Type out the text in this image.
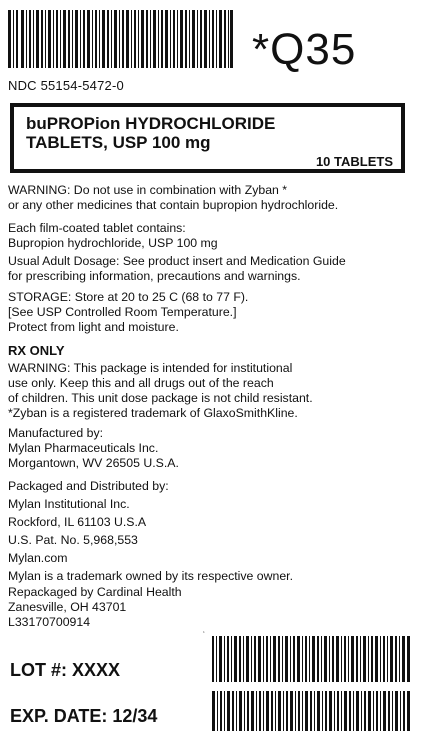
*Q35
NDC 55154-5472-0
buPROPion HYDROCHLORIDE
TABLETS, USP 100 mg
10 TABLETS
WARNING: Do not use in combination with Zyban *
or any other medicines that contain bupropion hydrochloride.
Each film-coated tablet contains:
Bupropion hydrochloride, USP 100 mg
Usual Adult Dosage: See product insert and Medication Guide
for prescribing information, precautions and warnings.
STORAGE: Store at 20 to 25 C (68 to 77 F).
[See USP Controlled Room Temperature.]
Protect from light and moisture.
RX ONLY
WARNING: This package is intended for institutional
use only. Keep this and all drugs out of the reach
of children. This unit dose package is not child resistant.
*Zyban is a registered trademark of GlaxoSmithKline.
Manufactured by:
Mylan Pharmaceuticals Inc.
Morgantown, WV 26505 U.S.A.
Packaged and Distributed by:
Mylan Institutional Inc.
Rockford, IL 61103 U.S.A
U.S. Pat. No. 5,968,553
Mylan.com
Mylan is a trademark owned by its respective owner.
Repackaged by Cardinal Health
Zanesville, OH 43701
L33170700914
‘
LOT #: XXXX
EXP. DATE: 12/34
